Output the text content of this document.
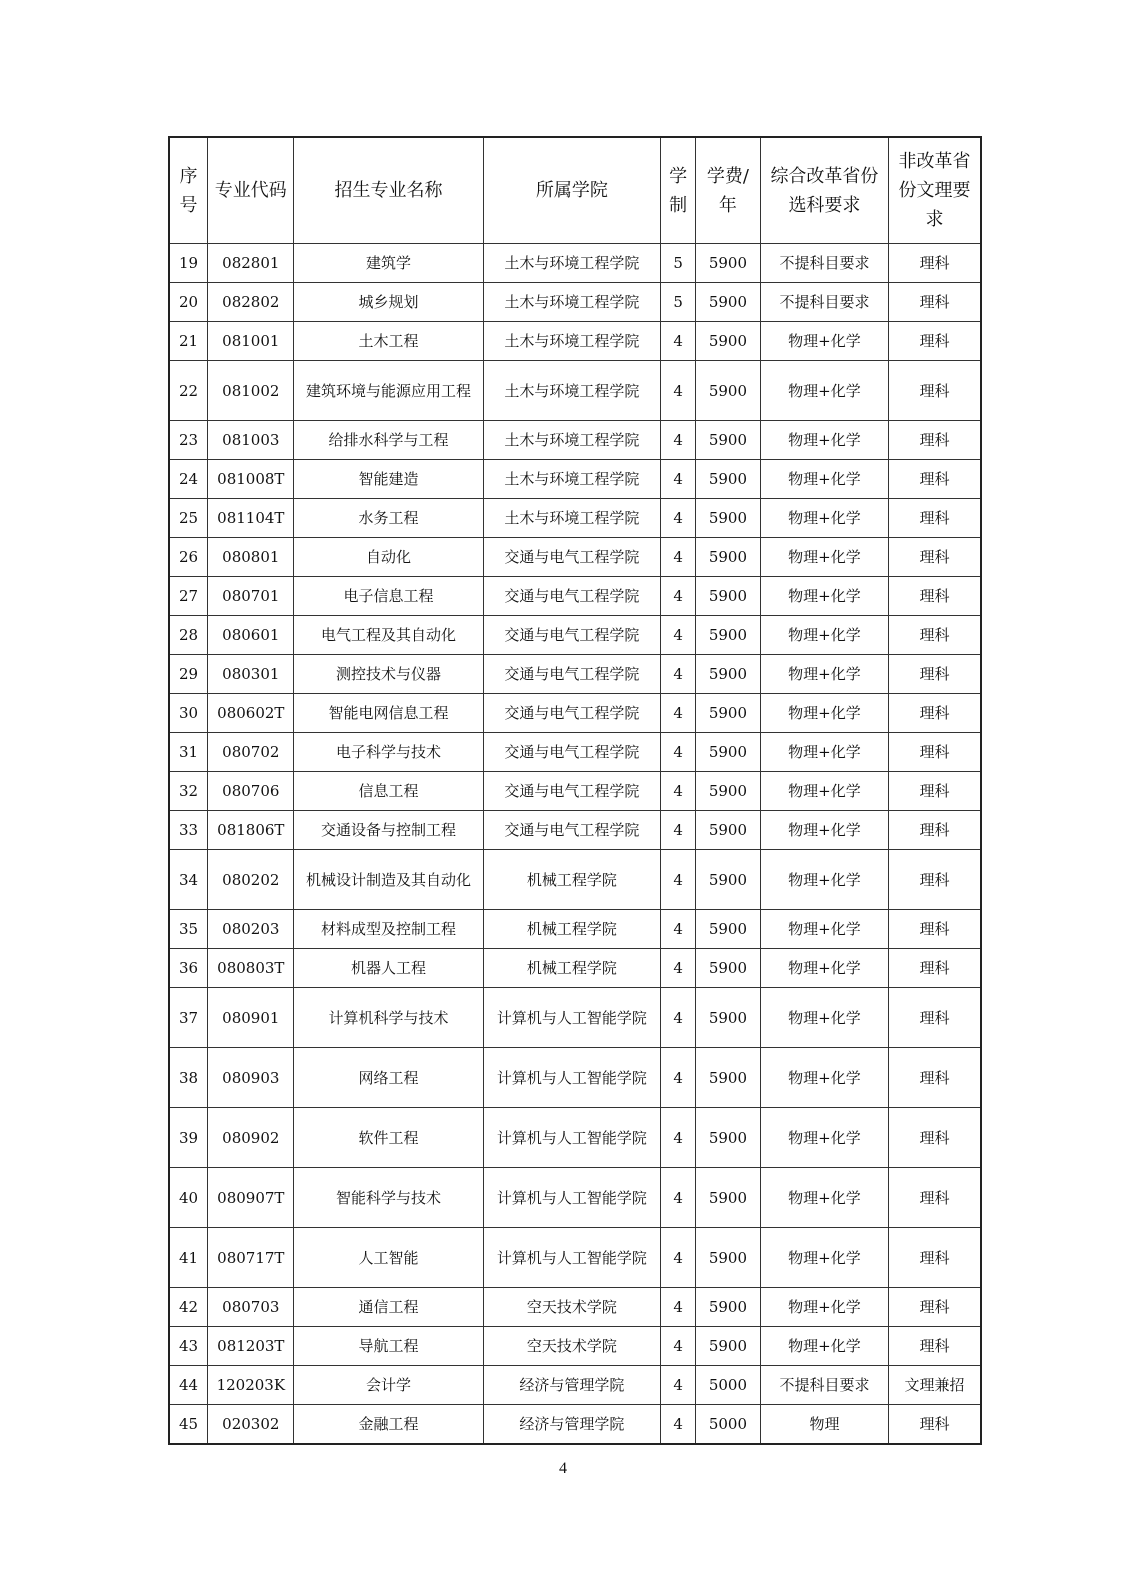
序号	专业代码	招生专业名称	所属学院	学制	学费/年	综合改革省份选科要求	非改革省份文理要求
19	082801	建筑学	土木与环境工程学院	5	5900	不提科目要求	理科
20	082802	城乡规划	土木与环境工程学院	5	5900	不提科目要求	理科
21	081001	土木工程	土木与环境工程学院	4	5900	物理+化学	理科
22	081002	建筑环境与能源应用工程	土木与环境工程学院	4	5900	物理+化学	理科
23	081003	给排水科学与工程	土木与环境工程学院	4	5900	物理+化学	理科
24	081008T	智能建造	土木与环境工程学院	4	5900	物理+化学	理科
25	081104T	水务工程	土木与环境工程学院	4	5900	物理+化学	理科
26	080801	自动化	交通与电气工程学院	4	5900	物理+化学	理科
27	080701	电子信息工程	交通与电气工程学院	4	5900	物理+化学	理科
28	080601	电气工程及其自动化	交通与电气工程学院	4	5900	物理+化学	理科
29	080301	测控技术与仪器	交通与电气工程学院	4	5900	物理+化学	理科
30	080602T	智能电网信息工程	交通与电气工程学院	4	5900	物理+化学	理科
31	080702	电子科学与技术	交通与电气工程学院	4	5900	物理+化学	理科
32	080706	信息工程	交通与电气工程学院	4	5900	物理+化学	理科
33	081806T	交通设备与控制工程	交通与电气工程学院	4	5900	物理+化学	理科
34	080202	机械设计制造及其自动化	机械工程学院	4	5900	物理+化学	理科
35	080203	材料成型及控制工程	机械工程学院	4	5900	物理+化学	理科
36	080803T	机器人工程	机械工程学院	4	5900	物理+化学	理科
37	080901	计算机科学与技术	计算机与人工智能学院	4	5900	物理+化学	理科
38	080903	网络工程	计算机与人工智能学院	4	5900	物理+化学	理科
39	080902	软件工程	计算机与人工智能学院	4	5900	物理+化学	理科
40	080907T	智能科学与技术	计算机与人工智能学院	4	5900	物理+化学	理科
41	080717T	人工智能	计算机与人工智能学院	4	5900	物理+化学	理科
42	080703	通信工程	空天技术学院	4	5900	物理+化学	理科
43	081203T	导航工程	空天技术学院	4	5900	物理+化学	理科
44	120203K	会计学	经济与管理学院	4	5000	不提科目要求	文理兼招
45	020302	金融工程	经济与管理学院	4	5000	物理	理科
4
